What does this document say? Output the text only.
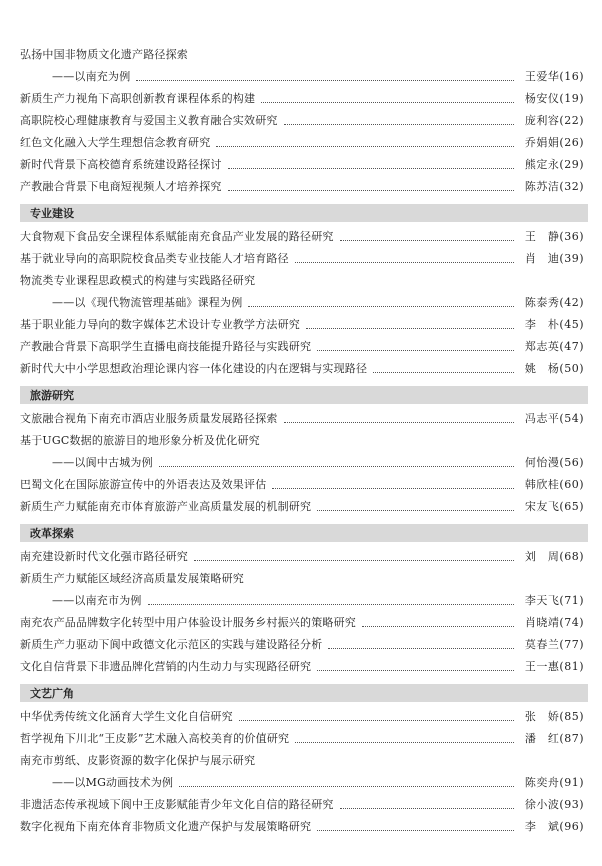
弘扬中国非物质文化遗产路径探索
——以南充为例	王爱华(16)
新质生产力视角下高职创新教育课程体系的构建	杨安仪(19)
高职院校心理健康教育与爱国主义教育融合实效研究	庞利容(22)
红色文化融入大学生理想信念教育研究	乔娟娟(26)
新时代背景下高校德育系统建设路径探讨	熊定永(29)
产教融合背景下电商短视频人才培养探究	陈苏洁(32)
专业建设
大食物观下食品安全课程体系赋能南充食品产业发展的路径研究	王　静(36)
基于就业导向的高职院校食品类专业技能人才培育路径	肖　迪(39)
物流类专业课程思政模式的构建与实践路径研究
——以《现代物流管理基础》课程为例	陈泰秀(42)
基于职业能力导向的数字媒体艺术设计专业教学方法研究	李　朴(45)
产教融合背景下高职学生直播电商技能提升路径与实践研究	郑志英(47)
新时代大中小学思想政治理论课内容一体化建设的内在逻辑与实现路径	姚　杨(50)
旅游研究
文旅融合视角下南充市酒店业服务质量发展路径探索	冯志平(54)
基于UGC数据的旅游目的地形象分析及优化研究
——以阆中古城为例	何怡漫(56)
巴蜀文化在国际旅游宣传中的外语表达及效果评估	韩欣桂(60)
新质生产力赋能南充市体育旅游产业高质量发展的机制研究	宋友飞(65)
改革探索
南充建设新时代文化强市路径研究	刘　周(68)
新质生产力赋能区域经济高质量发展策略研究
——以南充市为例	李天飞(71)
南充农产品品牌数字化转型中用户体验设计服务乡村振兴的策略研究	肖晓靖(74)
新质生产力驱动下阆中政德文化示范区的实践与建设路径分析	莫春兰(77)
文化自信背景下非遗品牌化营销的内生动力与实现路径研究	王一惠(81)
文艺广角
中华优秀传统文化涵育大学生文化自信研究	张　娇(85)
哲学视角下川北“王皮影”艺术融入高校美育的价值研究	潘　红(87)
南充市剪纸、皮影资源的数字化保护与展示研究
——以MG动画技术为例	陈奕舟(91)
非遗活态传承视域下阆中王皮影赋能青少年文化自信的路径研究	徐小波(93)
数字化视角下南充体育非物质文化遗产保护与发展策略研究	李　斌(96)
